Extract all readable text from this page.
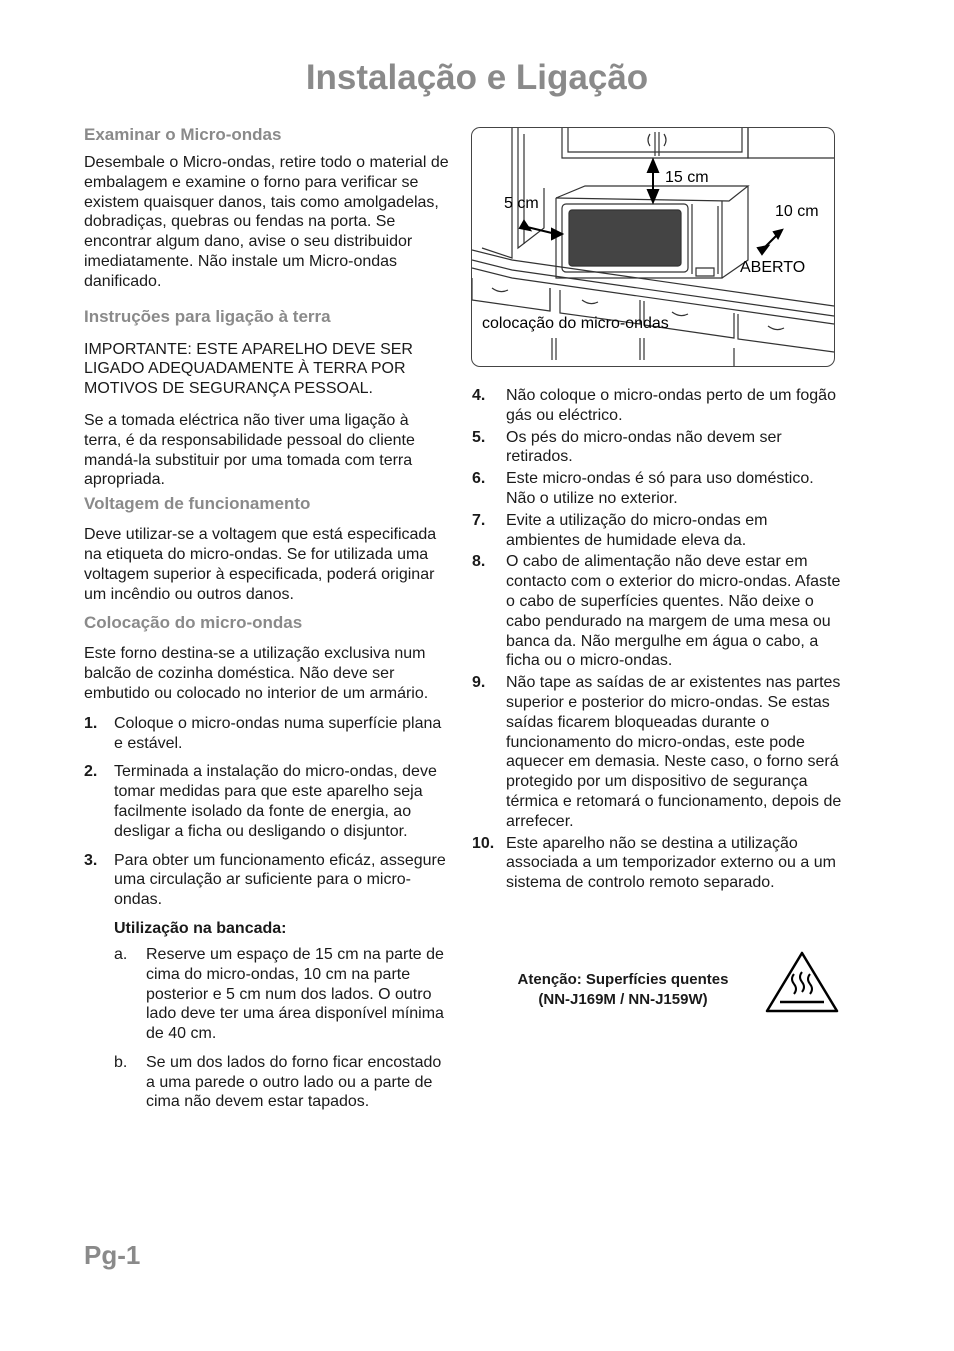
Instalação e Ligação
Examinar o Micro-ondas

Desembale o Micro-ondas, retire todo o material de embalagem e examine o forno para verificar se existem quaisquer danos, tais como amolgadelas, dobradiças, quebras ou fendas na porta. Se encontrar algum dano, avise o seu distribuidor imediatamente. Não instale um Micro-ondas danificado.

Instruções para ligação à terra

IMPORTANTE: ESTE APARELHO DEVE SER LIGADO ADEQUADAMENTE À TERRA POR MOTIVOS DE SEGURANÇA PESSOAL.

Se a tomada eléctrica não tiver uma ligação à terra, é da responsabilidade pessoal do cliente mandá-la substituir por uma tomada com terra apropriada.

Voltagem de funcionamento

Deve utilizar-se a voltagem que está especificada na etiqueta do micro-ondas. Se for utilizada uma voltagem superior à especificada, poderá originar um incêndio ou outros danos.

Colocação do micro-ondas

Este forno destina-se a utilização exclusiva num balcão de cozinha doméstica. Não deve ser embutido ou colocado no interior de um armário.

1. Coloque o micro-ondas numa superfície plana e estável.
2. Terminada a instalação do micro-ondas, deve tomar medidas para que este aparelho seja facilmente isolado da fonte de energia, ao desligar a ficha ou desligando o disjuntor.
3. Para obter um funcionamento eficáz, assegure uma circulação ar suficiente para o micro-ondas.
Utilização na bancada:
a. Reserve um espaço de 15 cm na parte de cima do micro-ondas, 10 cm na parte posterior e 5 cm num dos lados. O outro lado deve ter uma área disponível mínima de 40 cm.
b. Se um dos lados do forno ficar encostado a uma parede o outro lado ou a parte de cima não devem estar tapados.
15 cm
5 cm	10 cm
ABERTO
colocação do micro-ondas
4. Não coloque o micro-ondas perto de um fogão gás ou eléctrico.
5. Os pés do micro-ondas não devem ser retirados.
6. Este micro-ondas é só para uso doméstico. Não o utilize no exterior.
7. Evite a utilização do micro-ondas em ambientes de humidade eleva da.
8. O cabo de alimentação não deve estar em contacto com o exterior do micro-ondas. Afaste o cabo de superfícies quentes. Não deixe o cabo pendurado na margem de uma mesa ou banca da. Não mergulhe em água o cabo, a ficha ou o micro-ondas.
9. Não tape as saídas de ar existentes nas partes superior e posterior do micro-ondas. Se estas saídas ficarem bloqueadas durante o funcionamento do micro-ondas, este pode aquecer em demasia. Neste caso, o forno será protegido por um dispositivo de segurança térmica e retomará o funcionamento, depois de arrefecer.
10. Este aparelho não se destina a utilização associada a um temporizador externo ou a um sistema de controlo remoto separado.
Atenção: Superfícies quentes
(NN-J169M / NN-J159W)
Pg-1
